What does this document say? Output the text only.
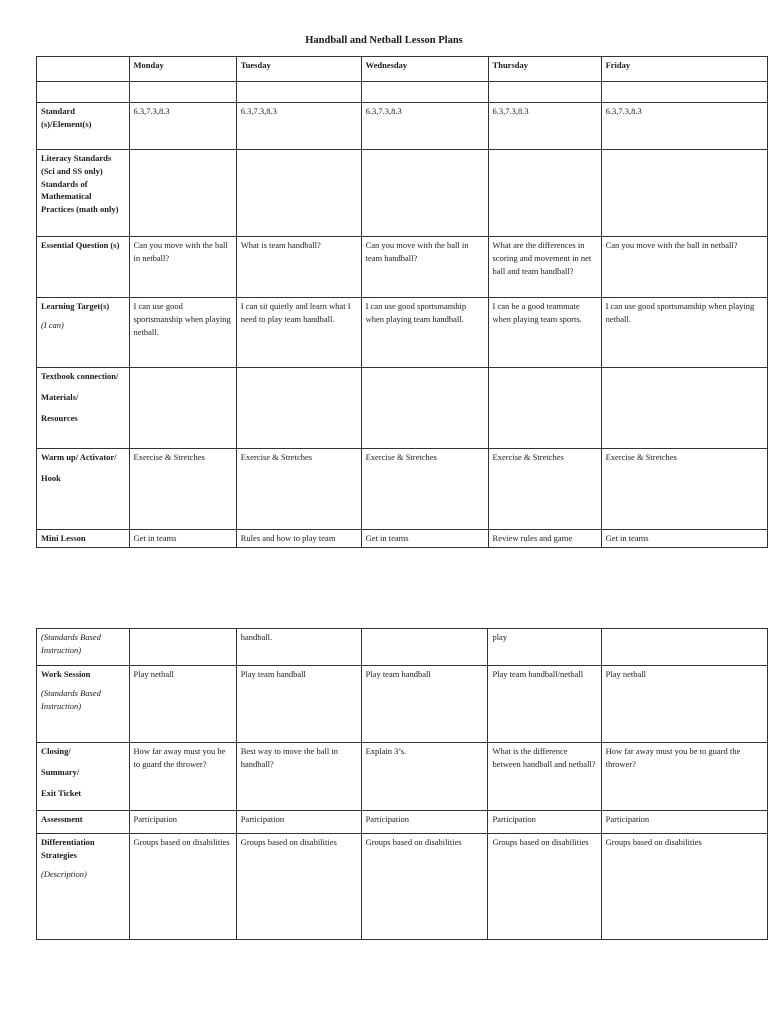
Handball and Netball Lesson Plans
	Monday	Tuesday	Wednesday	Thursday	Friday

Standard (s)/Element(s)	6.3,7.3,8.3	6.3,7.3,8.3	6.3,7.3,8.3	6.3,7.3,8.3	6.3,7.3,8.3
Literacy Standards (Sci and SS only) Standards of Mathematical Practices (math only)					
Essential Question (s)	Can you move with the ball in netball?	What is team handball?	Can you move with the ball in team handball?	What are the differences in scoring and movement in net ball and team handball?	Can you move with the ball in netball?

Learning Target(s)
(I can)	I can use good sportsmanship when playing netball.	I can sit quietly and learn what I need to play team handball.	I can use good sportsmanship when playing team handball.	I can be a good teammate when playing team sports.	I can use good sportsmanship when playing netball.

Textbook connection/
Materials/
Resources					

Warm up/ Activator/
Hook	Exercise & Stretches	Exercise & Stretches	Exercise & Stretches	Exercise & Stretches	Exercise & Stretches
Mini Lesson	Get in teams	Rules and how to play team	Get in teams	Review rules and game	Get in teams
(Standards Based Instruction)		handball.		play	

Work Session
(Standards Based Instruction)	Play netball	Play team handball	Play team handball	Play team handball/netball	Play netball

Closing/
Summary/
Exit Ticket	How far away must you be to guard the thrower?	Best way to move the ball in handball?	Explain 3’s.	What is the difference between handball and netball?	How far away must you be to guard the thrower?
Assessment	Participation	Participation	Participation	Participation	Participation

Differentiation Strategies
(Description)	Groups based on disabilities	Groups based on disabilities	Groups based on disabilities	Groups based on disabilities	Groups based on disabilities
